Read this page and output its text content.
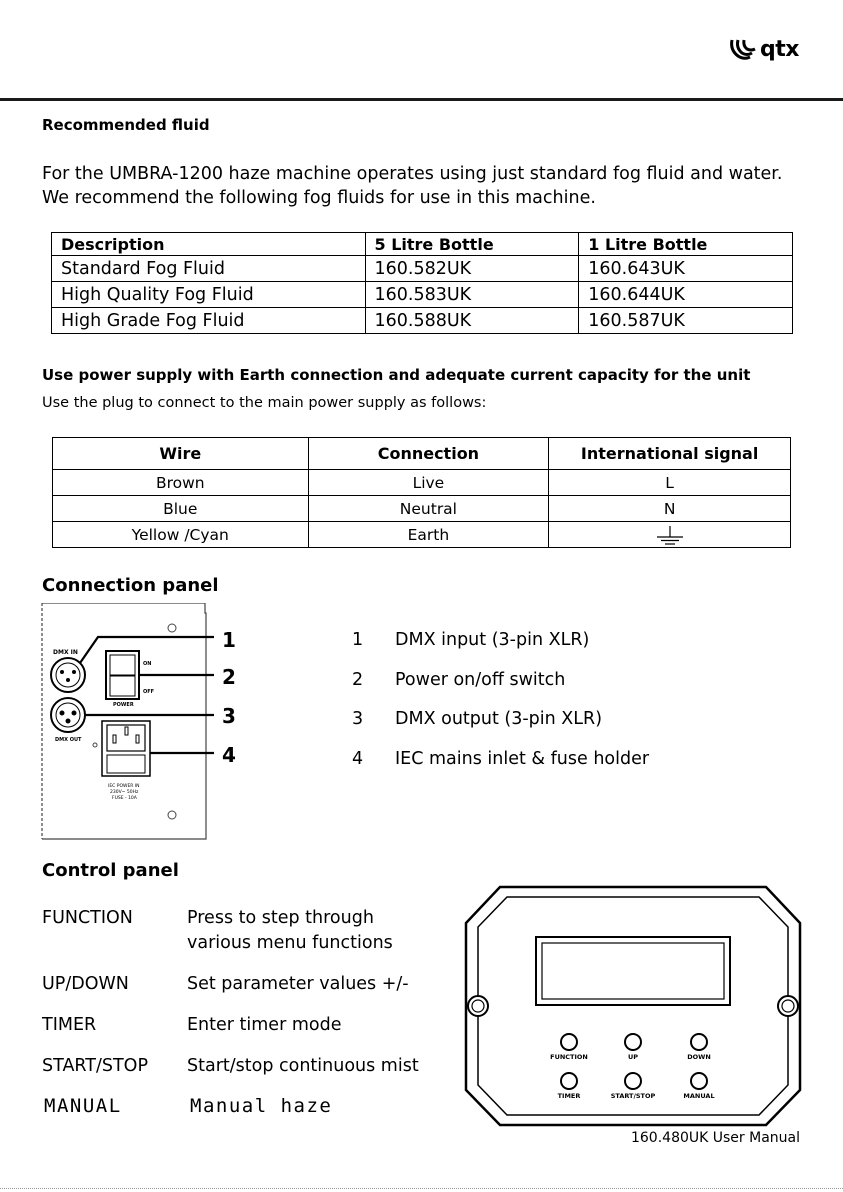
qtx
Recommended fluid
For the UMBRA-1200 haze machine operates using just standard fog fluid and water.
We recommend the following fog fluids for use in this machine.
Description	5 Litre Bottle	1 Litre Bottle
Standard Fog Fluid	160.582UK	160.643UK
High Quality Fog Fluid	160.583UK	160.644UK
High Grade Fog Fluid	160.588UK	160.587UK
Use power supply with Earth connection and adequate current capacity for the unit
Use the plug to connect to the main power supply as follows:
Wire	Connection	International signal
Brown	Live	L
Blue	Neutral	N
Yellow /Cyan	Earth	
Connection panel
DMX IN
ON
OFF
POWER
DMX OUT
IEC POWER IN
230V~ 50Hz
FUSE - 10A
1
2
3
4
1 DMX input (3-pin XLR)
2 Power on/off switch
3 DMX output (3-pin XLR)
4 IEC mains inlet & fuse holder
Control panel
FUNCTION	Press to step through
various menu functions
UP/DOWN	Set parameter values +/-
TIMER	Enter timer mode
START/STOP Start/stop continuous mist
MANUAL	Manual haze
FUNCTION	UP	DOWN
TIMER	START/STOP	MANUAL
160.480UK User Manual
